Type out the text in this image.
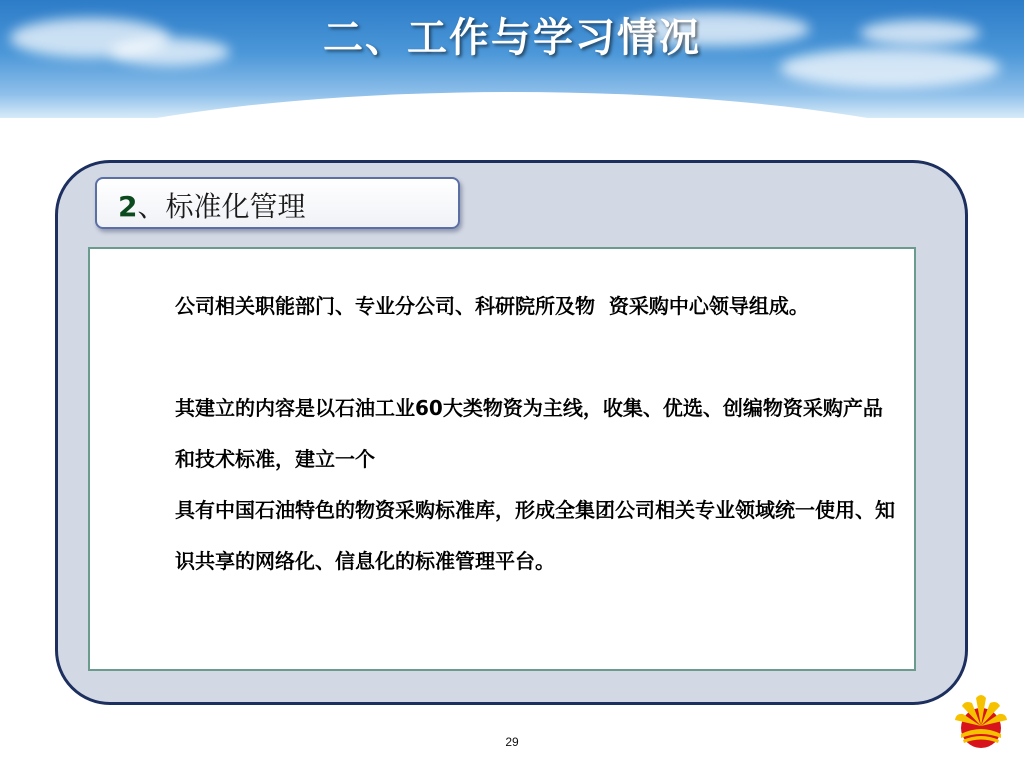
二、工作与学习情况
2、标准化管理

公司相关职能部门、专业分公司、科研院所及物  资采购中心领导组成。

其建立的内容是以石油工业60大类物资为主线，收集、优选、创编物资采购产品和技术标准，建立一个
具有中国石油特色的物资采购标准库，形成全集团公司相关专业领域统一使用、知识共享的网络化、信息化的标准管理平台。

29
